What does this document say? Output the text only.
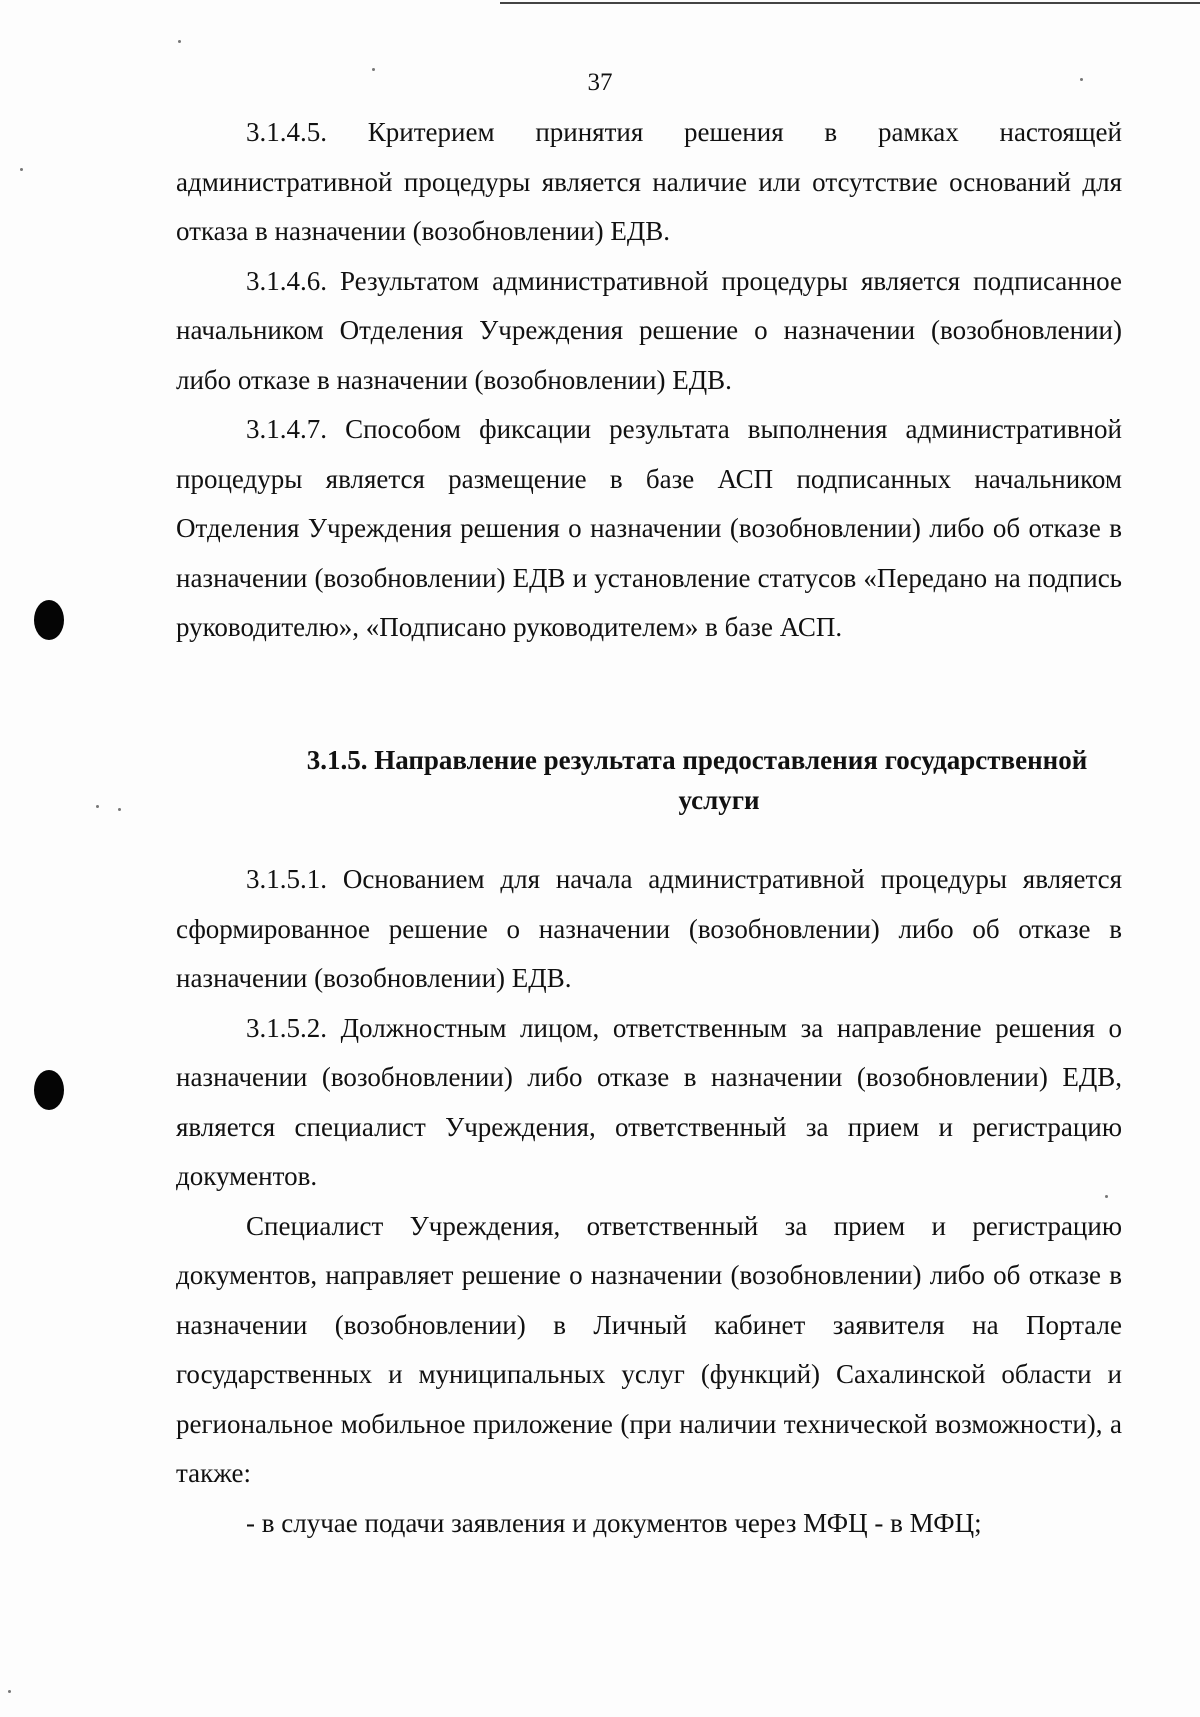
37

3.1.4.5. Критерием принятия решения в рамках настоящей административной процедуры является наличие или отсутствие оснований для отказа в назначении (возобновлении) ЕДВ.

3.1.4.6. Результатом административной процедуры является подписанное начальником Отделения Учреждения решение о назначении (возобновлении) либо отказе в назначении (возобновлении) ЕДВ.

3.1.4.7. Способом фиксации результата выполнения административной процедуры является размещение в базе АСП подписанных начальником Отделения Учреждения решения о назначении (возобновлении) либо об отказе в назначении (возобновлении) ЕДВ и установление статусов «Передано на подпись руководителю», «Подписано руководителем» в базе АСП.

3.1.5. Направление результата предоставления государственной
услуги

3.1.5.1. Основанием для начала административной процедуры является сформированное решение о назначении (возобновлении) либо об отказе в назначении (возобновлении) ЕДВ.

3.1.5.2. Должностным лицом, ответственным за направление решения о назначении (возобновлении) либо отказе в назначении (возобновлении) ЕДВ, является специалист Учреждения, ответственный за прием и регистрацию документов.

Специалист Учреждения, ответственный за прием и регистрацию документов, направляет решение о назначении (возобновлении) либо об отказе в назначении (возобновлении) в Личный кабинет заявителя на Портале государственных и муниципальных услуг (функций) Сахалинской области и региональное мобильное приложение (при наличии технической возможности), а также:

- в случае подачи заявления и документов через МФЦ - в МФЦ;
